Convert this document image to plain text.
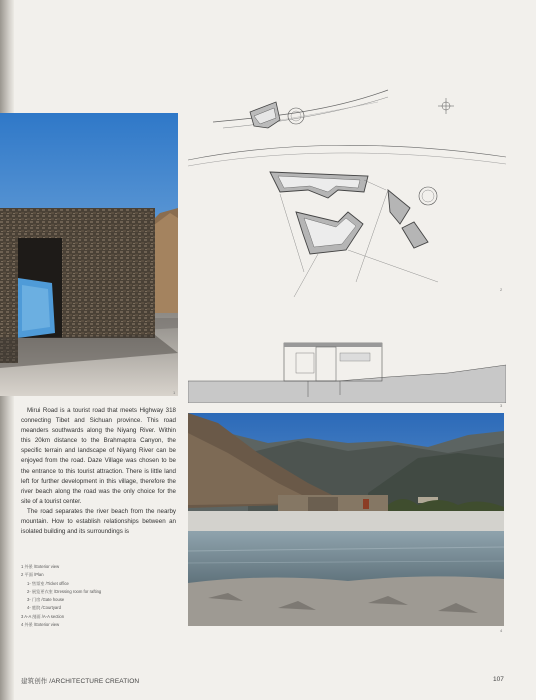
1
2
3
4

Mirui Road is a tourist road that meets Highway 318 connecting Tibet and Sichuan province. This road meanders southwards along the Niyang River. Within this 20km distance to the Brahmaptra Canyon, the specific terrain and landscape of Niyang River can be enjoyed from the road. Daze Village was chosen to be the entrance to this tourist attraction. There is little land left for further development in this village, therefore the river beach along the road was the only choice for the site of a tourist center.

The road separates the river beach from the nearby mountain. How to establish relationships between an isolated building and its surroundings is

1 外景 /Exterior view
2 平面 /Plan
1- 售票室 /Ticket office
2- 展览更衣室 /Dressing room for rafting
3- 门房 /Gate house
4- 庭院 /Courtyard
3 A-A 剖面 /A-A section
4 外景 /Exterior view
建筑创作 /ARCHITECTURE CREATION	107
